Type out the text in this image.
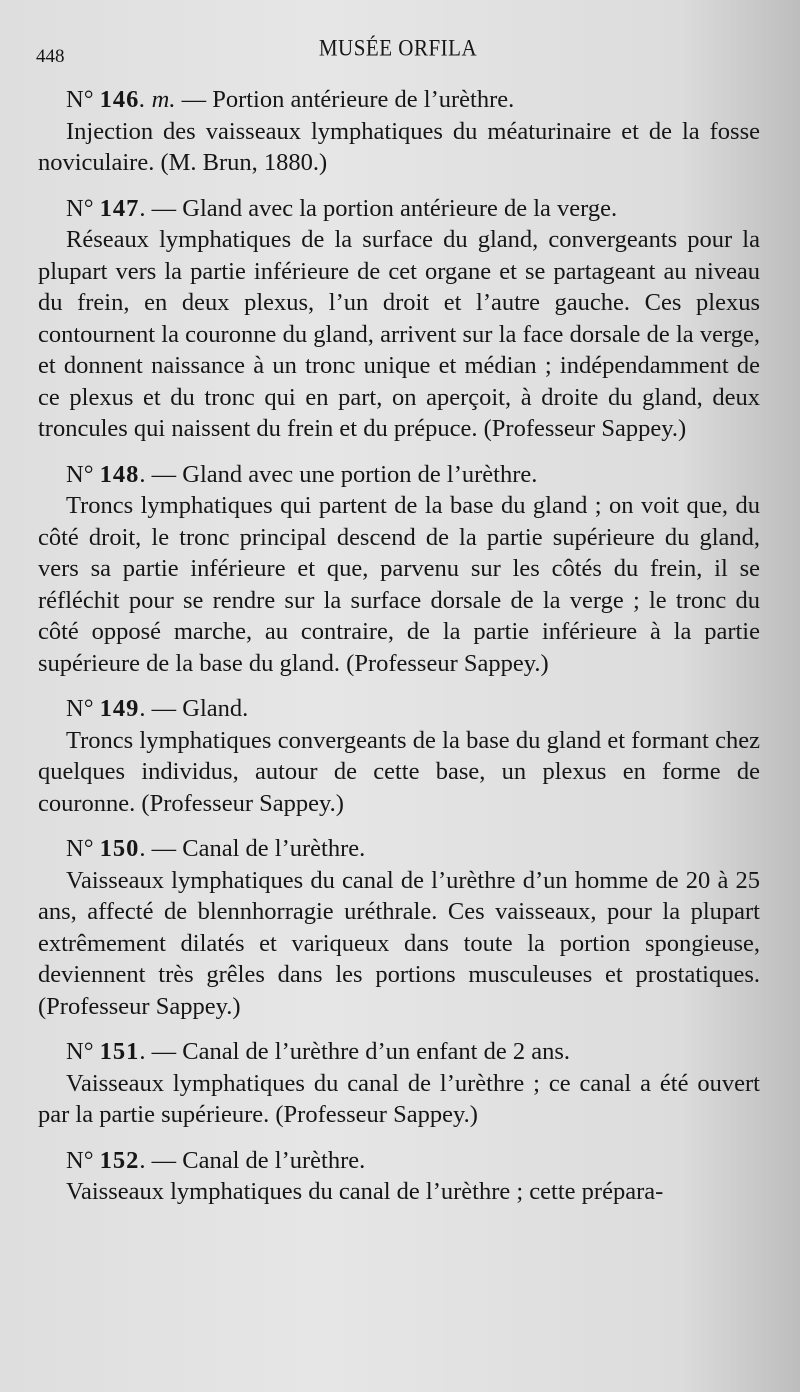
448	MUSÉE ORFILA
N° 146. m. — Portion antérieure de l’urèthre.
Injection des vaisseaux lymphatiques du méaturinaire et de la fosse noviculaire. (M. Brun, 1880.)
N° 147. — Gland avec la portion antérieure de la verge.
Réseaux lymphatiques de la surface du gland, convergeants pour la plupart vers la partie inférieure de cet organe et se partageant au niveau du frein, en deux plexus, l’un droit et l’autre gauche. Ces plexus contournent la couronne du gland, arrivent sur la face dorsale de la verge, et donnent naissance à un tronc unique et médian ; indépendamment de ce plexus et du tronc qui en part, on aperçoit, à droite du gland, deux troncules qui naissent du frein et du prépuce. (Professeur Sappey.)
N° 148. — Gland avec une portion de l’urèthre.
Troncs lymphatiques qui partent de la base du gland ; on voit que, du côté droit, le tronc principal descend de la partie supérieure du gland, vers sa partie inférieure et que, parvenu sur les côtés du frein, il se réfléchit pour se rendre sur la surface dorsale de la verge ; le tronc du côté opposé marche, au contraire, de la partie inférieure à la partie supérieure de la base du gland. (Professeur Sappey.)
N° 149. — Gland.
Troncs lymphatiques convergeants de la base du gland et formant chez quelques individus, autour de cette base, un plexus en forme de couronne. (Professeur Sappey.)
N° 150. — Canal de l’urèthre.
Vaisseaux lymphatiques du canal de l’urèthre d’un homme de 20 à 25 ans, affecté de blennhorragie uréthrale. Ces vaisseaux, pour la plupart extrêmement dilatés et variqueux dans toute la portion spongieuse, deviennent très grêles dans les portions musculeuses et prostatiques. (Professeur Sappey.)
N° 151. — Canal de l’urèthre d’un enfant de 2 ans.
Vaisseaux lymphatiques du canal de l’urèthre ; ce canal a été ouvert par la partie supérieure. (Professeur Sappey.)
N° 152. — Canal de l’urèthre.
Vaisseaux lymphatiques du canal de l’urèthre ; cette prépara-
